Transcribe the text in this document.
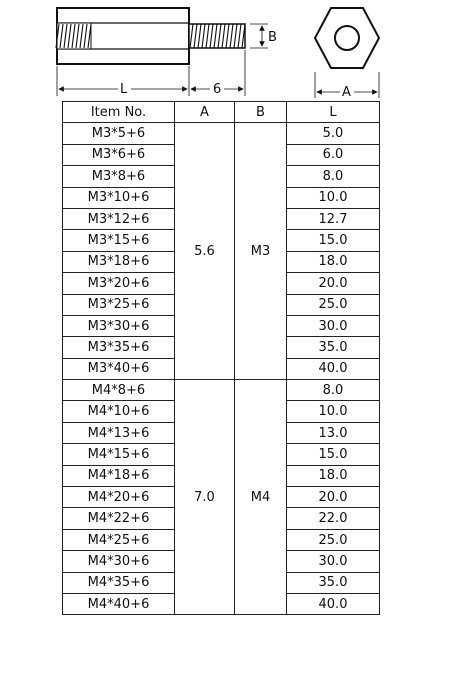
B
L	6	A
Item No.	A	B	L
M3*5+6	5.6	M3	5.0
M3*6+6			6.0
M3*8+6			8.0
M3*10+6			10.0
M3*12+6			12.7
M3*15+6			15.0
M3*18+6			18.0
M3*20+6			20.0
M3*25+6			25.0
M3*30+6			30.0
M3*35+6			35.0
M3*40+6			40.0
M4*8+6	7.0	M4	8.0
M4*10+6			10.0
M4*13+6			13.0
M4*15+6			15.0
M4*18+6			18.0
M4*20+6			20.0
M4*22+6			22.0
M4*25+6			25.0
M4*30+6			30.0
M4*35+6			35.0
M4*40+6			40.0
